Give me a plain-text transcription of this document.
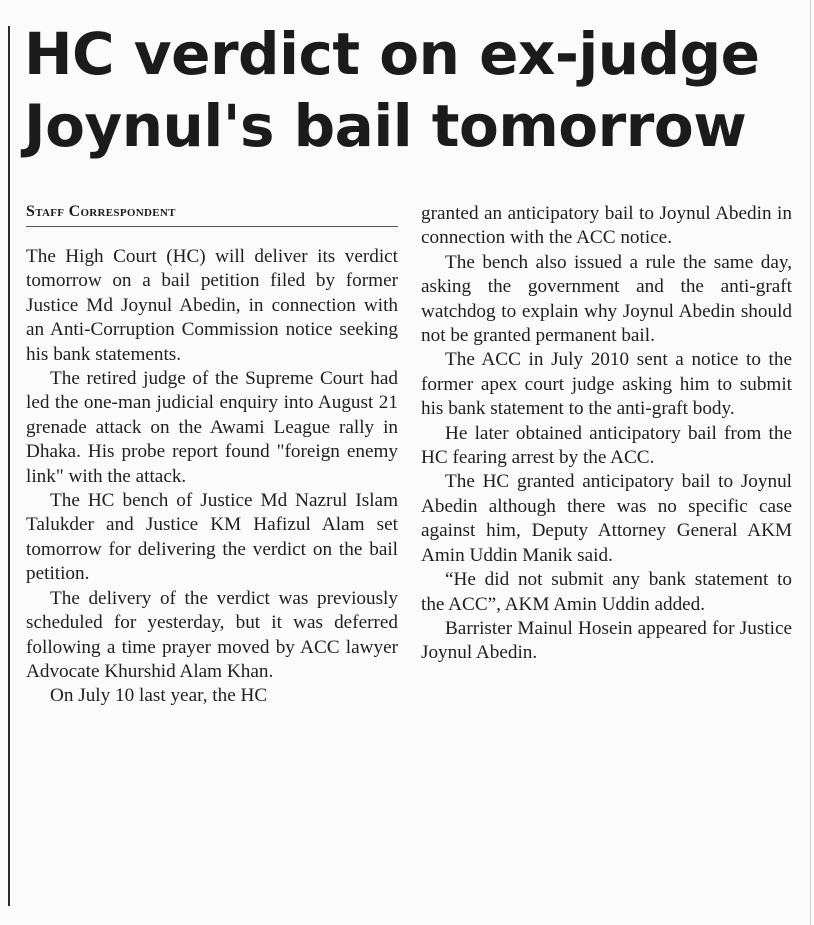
HC verdict on ex-judge
Joynul's bail tomorrow
Staff Correspondent

The High Court (HC) will deliver its verdict tomorrow on a bail petition filed by former Justice Md Joynul Abedin, in connection with an Anti-Corruption Commission notice seeking his bank statements.

The retired judge of the Supreme Court had led the one-man judicial enquiry into August 21 grenade attack on the Awami League rally in Dhaka. His probe report found "foreign enemy link" with the attack.

The HC bench of Justice Md Nazrul Islam Talukder and Justice KM Hafizul Alam set tomorrow for delivering the verdict on the bail petition.

The delivery of the verdict was previously scheduled for yesterday, but it was deferred following a time prayer moved by ACC lawyer Advocate Khurshid Alam Khan.

On July 10 last year, the HC

granted an anticipatory bail to Joynul Abedin in connection with the ACC notice.

The bench also issued a rule the same day, asking the government and the anti-graft watchdog to explain why Joynul Abedin should not be granted permanent bail.

The ACC in July 2010 sent a notice to the former apex court judge asking him to submit his bank statement to the anti-graft body.

He later obtained anticipatory bail from the HC fearing arrest by the ACC.

The HC granted anticipatory bail to Joynul Abedin although there was no specific case against him, Deputy Attorney General AKM Amin Uddin Manik said.

“He did not submit any bank statement to the ACC”, AKM Amin Uddin added.

Barrister Mainul Hosein appeared for Justice Joynul Abedin.
